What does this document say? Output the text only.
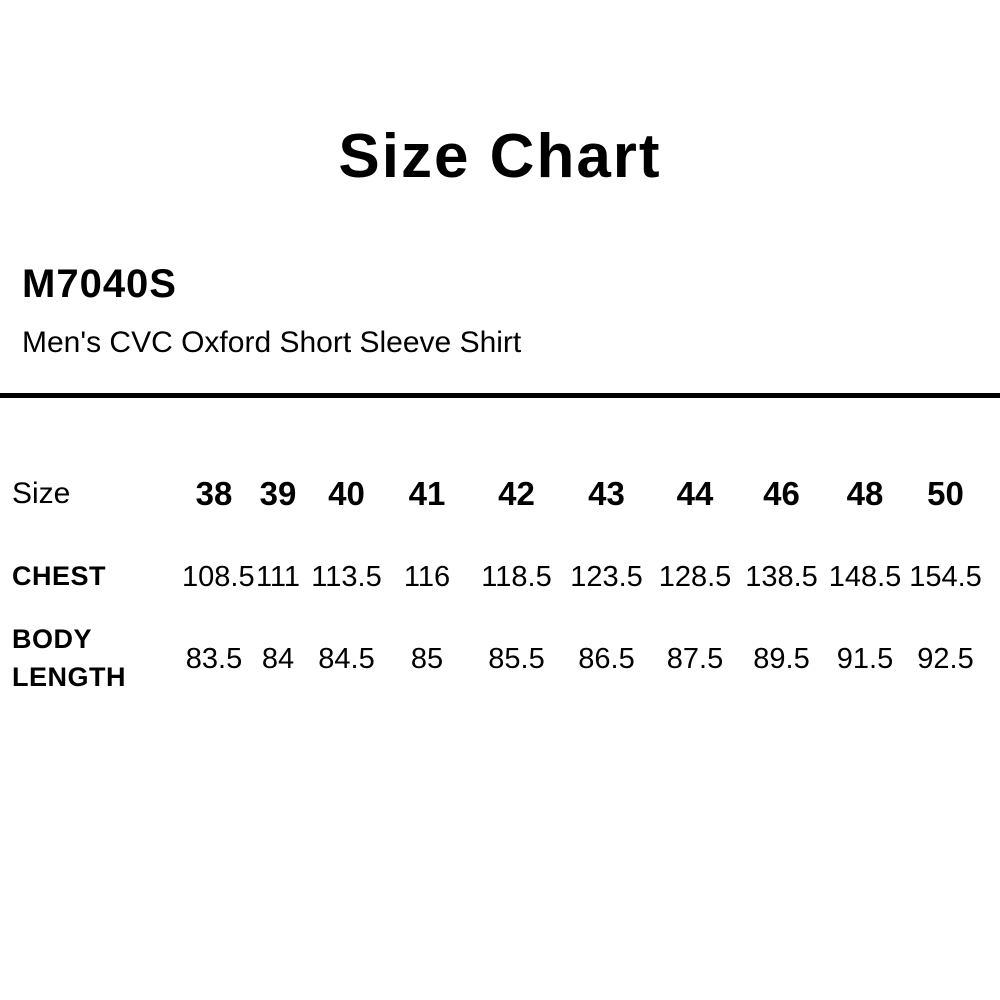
Size Chart
M7040S
Men's CVC Oxford Short Sleeve Shirt
Size	38	39	40	41	42	43	44	46	48	50
CHEST	108.5	111	113.5	116	118.5	123.5	128.5	138.5	148.5	154.5
BODY LENGTH	83.5	84	84.5	85	85.5	86.5	87.5	89.5	91.5	92.5
